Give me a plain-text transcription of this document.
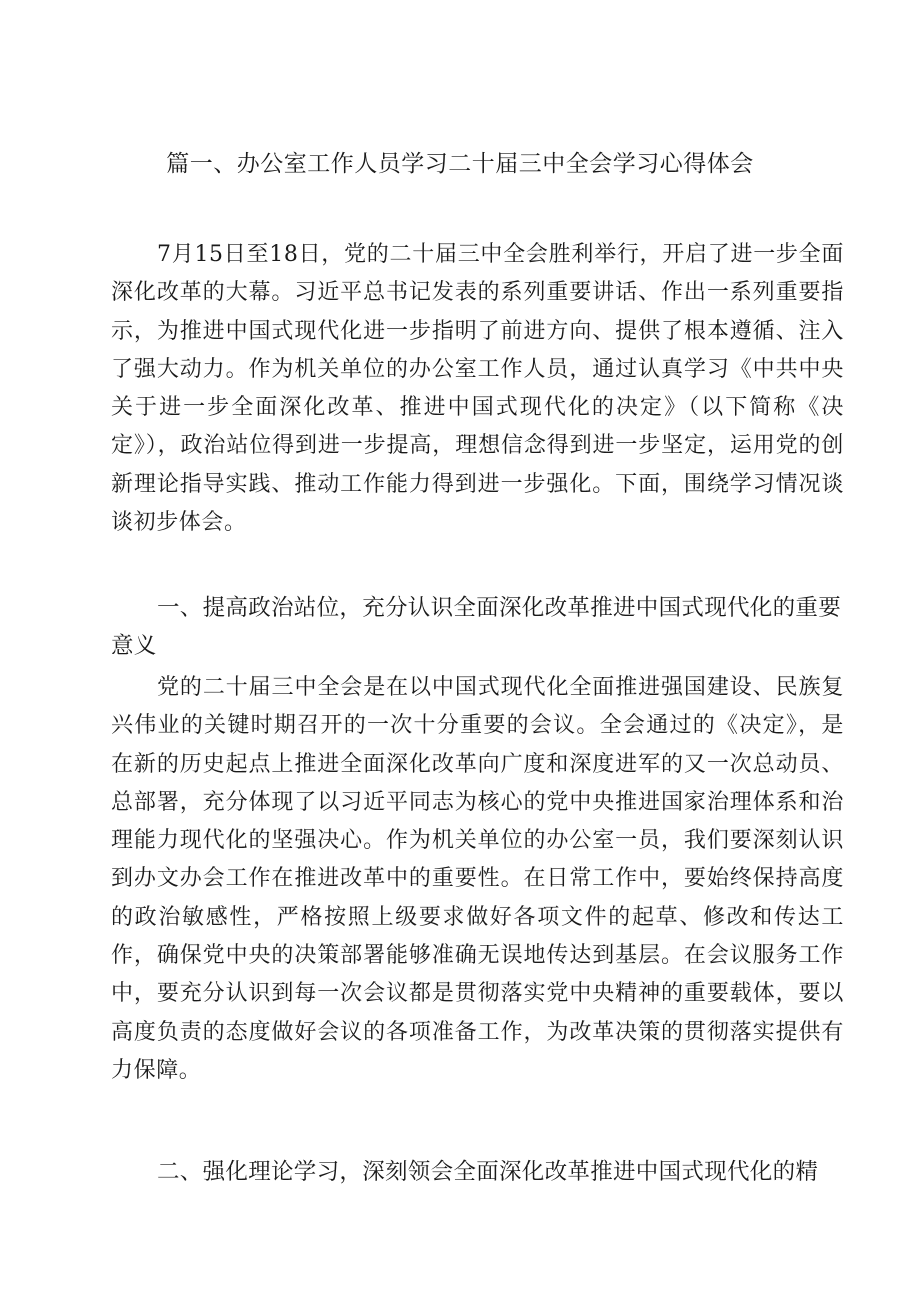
篇一、办公室工作人员学习二十届三中全会学习心得体会

7月15日至18日，党的二十届三中全会胜利举行，开启了进一步全面深化改革的大幕。习近平总书记发表的系列重要讲话、作出一系列重要指示，为推进中国式现代化进一步指明了前进方向、提供了根本遵循、注入了强大动力。作为机关单位的办公室工作人员，通过认真学习《中共中央关于进一步全面深化改革、推进中国式现代化的决定》（以下简称《决定》），政治站位得到进一步提高，理想信念得到进一步坚定，运用党的创新理论指导实践、推动工作能力得到进一步强化。下面，围绕学习情况谈谈初步体会。

一、提高政治站位，充分认识全面深化改革推进中国式现代化的重要意义

党的二十届三中全会是在以中国式现代化全面推进强国建设、民族复兴伟业的关键时期召开的一次十分重要的会议。全会通过的《决定》，是在新的历史起点上推进全面深化改革向广度和深度进军的又一次总动员、总部署，充分体现了以习近平同志为核心的党中央推进国家治理体系和治理能力现代化的坚强决心。作为机关单位的办公室一员，我们要深刻认识到办文办会工作在推进改革中的重要性。在日常工作中，要始终保持高度的政治敏感性，严格按照上级要求做好各项文件的起草、修改和传达工作，确保党中央的决策部署能够准确无误地传达到基层。在会议服务工作中，要充分认识到每一次会议都是贯彻落实党中央精神的重要载体，要以高度负责的态度做好会议的各项准备工作，为改革决策的贯彻落实提供有力保障。

二、强化理论学习，深刻领会全面深化改革推进中国式现代化的精
